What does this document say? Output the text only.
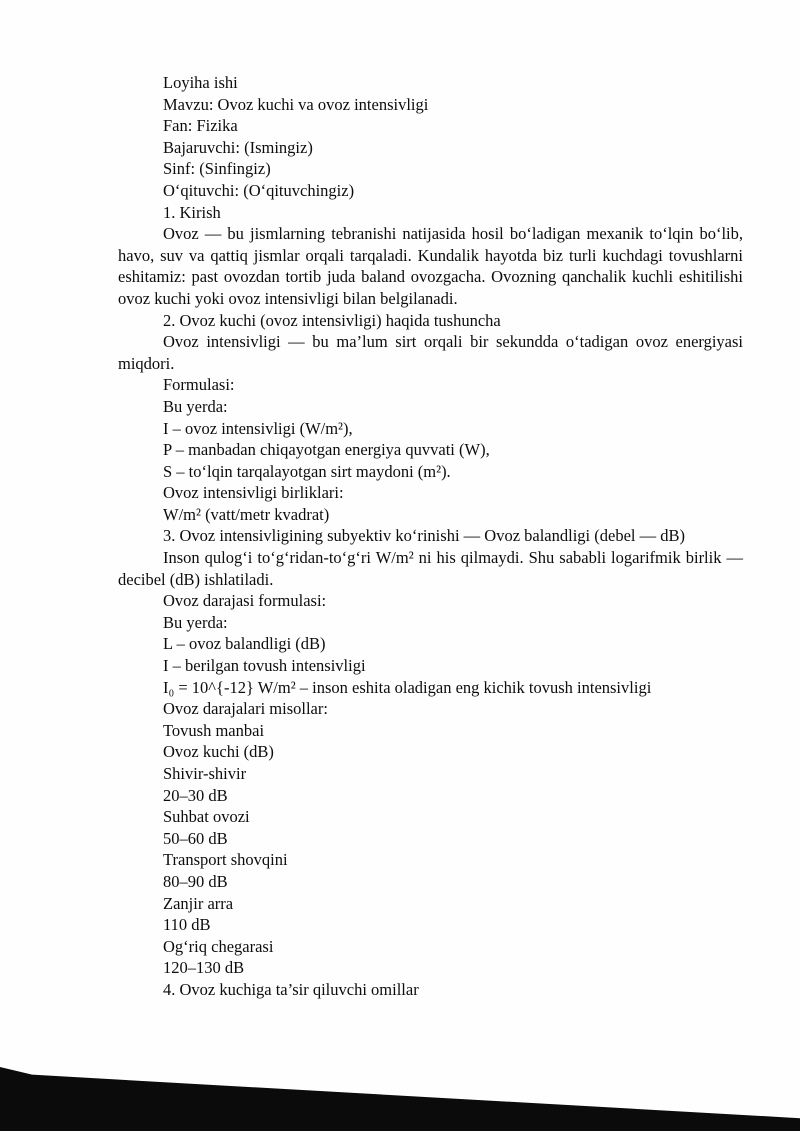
Loyiha ishi

Mavzu: Ovoz kuchi va ovoz intensivligi

Fan: Fizika

Bajaruvchi: (Ismingiz)

Sinf: (Sinfingiz)

O‘qituvchi: (O‘qituvchingiz)

1. Kirish

Ovoz — bu jismlarning tebranishi natijasida hosil bo‘ladigan mexanik to‘lqin bo‘lib, havo, suv va qattiq jismlar orqali tarqaladi. Kundalik hayotda biz turli kuchdagi tovushlarni eshitamiz: past ovozdan tortib juda baland ovozgacha. Ovozning qanchalik kuchli eshitilishi ovoz kuchi yoki ovoz intensivligi bilan belgilanadi.

2. Ovoz kuchi (ovoz intensivligi) haqida tushuncha

Ovoz intensivligi — bu ma’lum sirt orqali bir sekundda o‘tadigan ovoz energiyasi miqdori.

Formulasi:

Bu yerda:

I – ovoz intensivligi (W/m²),

P – manbadan chiqayotgan energiya quvvati (W),

S – to‘lqin tarqalayotgan sirt maydoni (m²).

Ovoz intensivligi birliklari:

W/m² (vatt/metr kvadrat)

3. Ovoz intensivligining subyektiv ko‘rinishi — Ovoz balandligi (debel — dB)

Inson qulog‘i to‘g‘ridan-to‘g‘ri W/m² ni his qilmaydi. Shu sababli logarifmik birlik — decibel (dB) ishlatiladi.

Ovoz darajasi formulasi:

Bu yerda:

L – ovoz balandligi (dB)

I – berilgan tovush intensivligi

I₀ = 10^{-12} W/m² – inson eshita oladigan eng kichik tovush intensivligi

Ovoz darajalari misollar:

Tovush manbai

Ovoz kuchi (dB)

Shivir-shivir

20–30 dB

Suhbat ovozi

50–60 dB

Transport shovqini

80–90 dB

Zanjir arra

110 dB

Og‘riq chegarasi

120–130 dB

4. Ovoz kuchiga ta’sir qiluvchi omillar
